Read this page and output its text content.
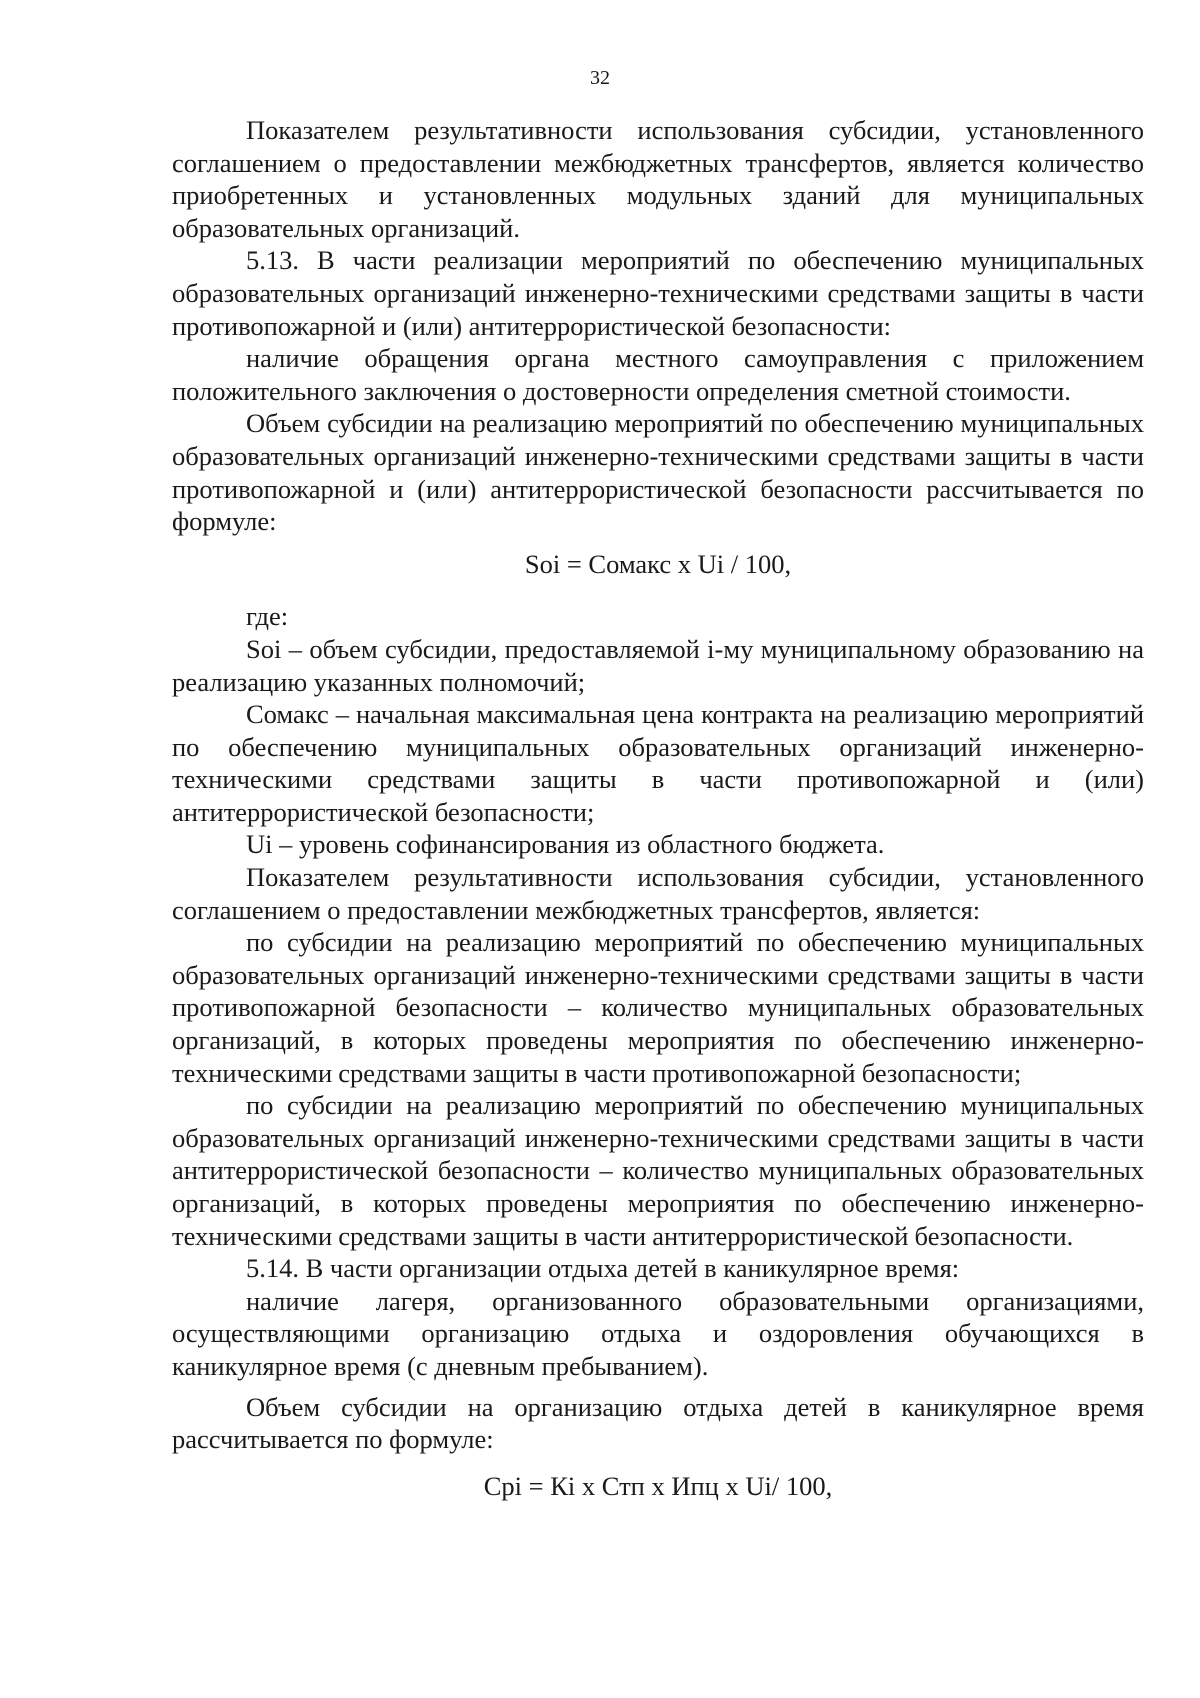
32

Показателем результативности использования субсидии, установленного соглашением о предоставлении межбюджетных трансфертов, является количество приобретенных и установленных модульных зданий для муниципальных образовательных организаций.

5.13. В части реализации мероприятий по обеспечению муниципальных образовательных организаций инженерно-техническими средствами защиты в части противопожарной и (или) антитеррористической безопасности:

наличие обращения органа местного самоуправления с приложением положительного заключения о достоверности определения сметной стоимости.

Объем субсидии на реализацию мероприятий по обеспечению муниципальных образовательных организаций инженерно-техническими средствами защиты в части противопожарной и (или) антитеррористической безопасности рассчитывается по формуле:

Soi = Сомакс x Ui / 100,

где:

Soi – объем субсидии, предоставляемой i-му муниципальному образованию на реализацию указанных полномочий;

Сомакс – начальная максимальная цена контракта на реализацию мероприятий по обеспечению муниципальных образовательных организаций инженерно-техническими средствами защиты в части противопожарной и (или) антитеррористической безопасности;

Ui – уровень софинансирования из областного бюджета.

Показателем результативности использования субсидии, установленного соглашением о предоставлении межбюджетных трансфертов, является:

по субсидии на реализацию мероприятий по обеспечению муниципальных образовательных организаций инженерно-техническими средствами защиты в части противопожарной безопасности – количество муниципальных образовательных организаций, в которых проведены мероприятия по обеспечению инженерно-техническими средствами защиты в части противопожарной безопасности;

по субсидии на реализацию мероприятий по обеспечению муниципальных образовательных организаций инженерно-техническими средствами защиты в части антитеррористической безопасности – количество муниципальных образовательных организаций, в которых проведены мероприятия по обеспечению инженерно-техническими средствами защиты в части антитеррористической безопасности.

5.14. В части организации отдыха детей в каникулярное время:

наличие лагеря, организованного образовательными организациями, осуществляющими организацию отдыха и оздоровления обучающихся в каникулярное время (с дневным пребыванием).

Объем субсидии на организацию отдыха детей в каникулярное время рассчитывается по формуле:

Срi = Кi x Стп x Ипц x Ui/ 100,
